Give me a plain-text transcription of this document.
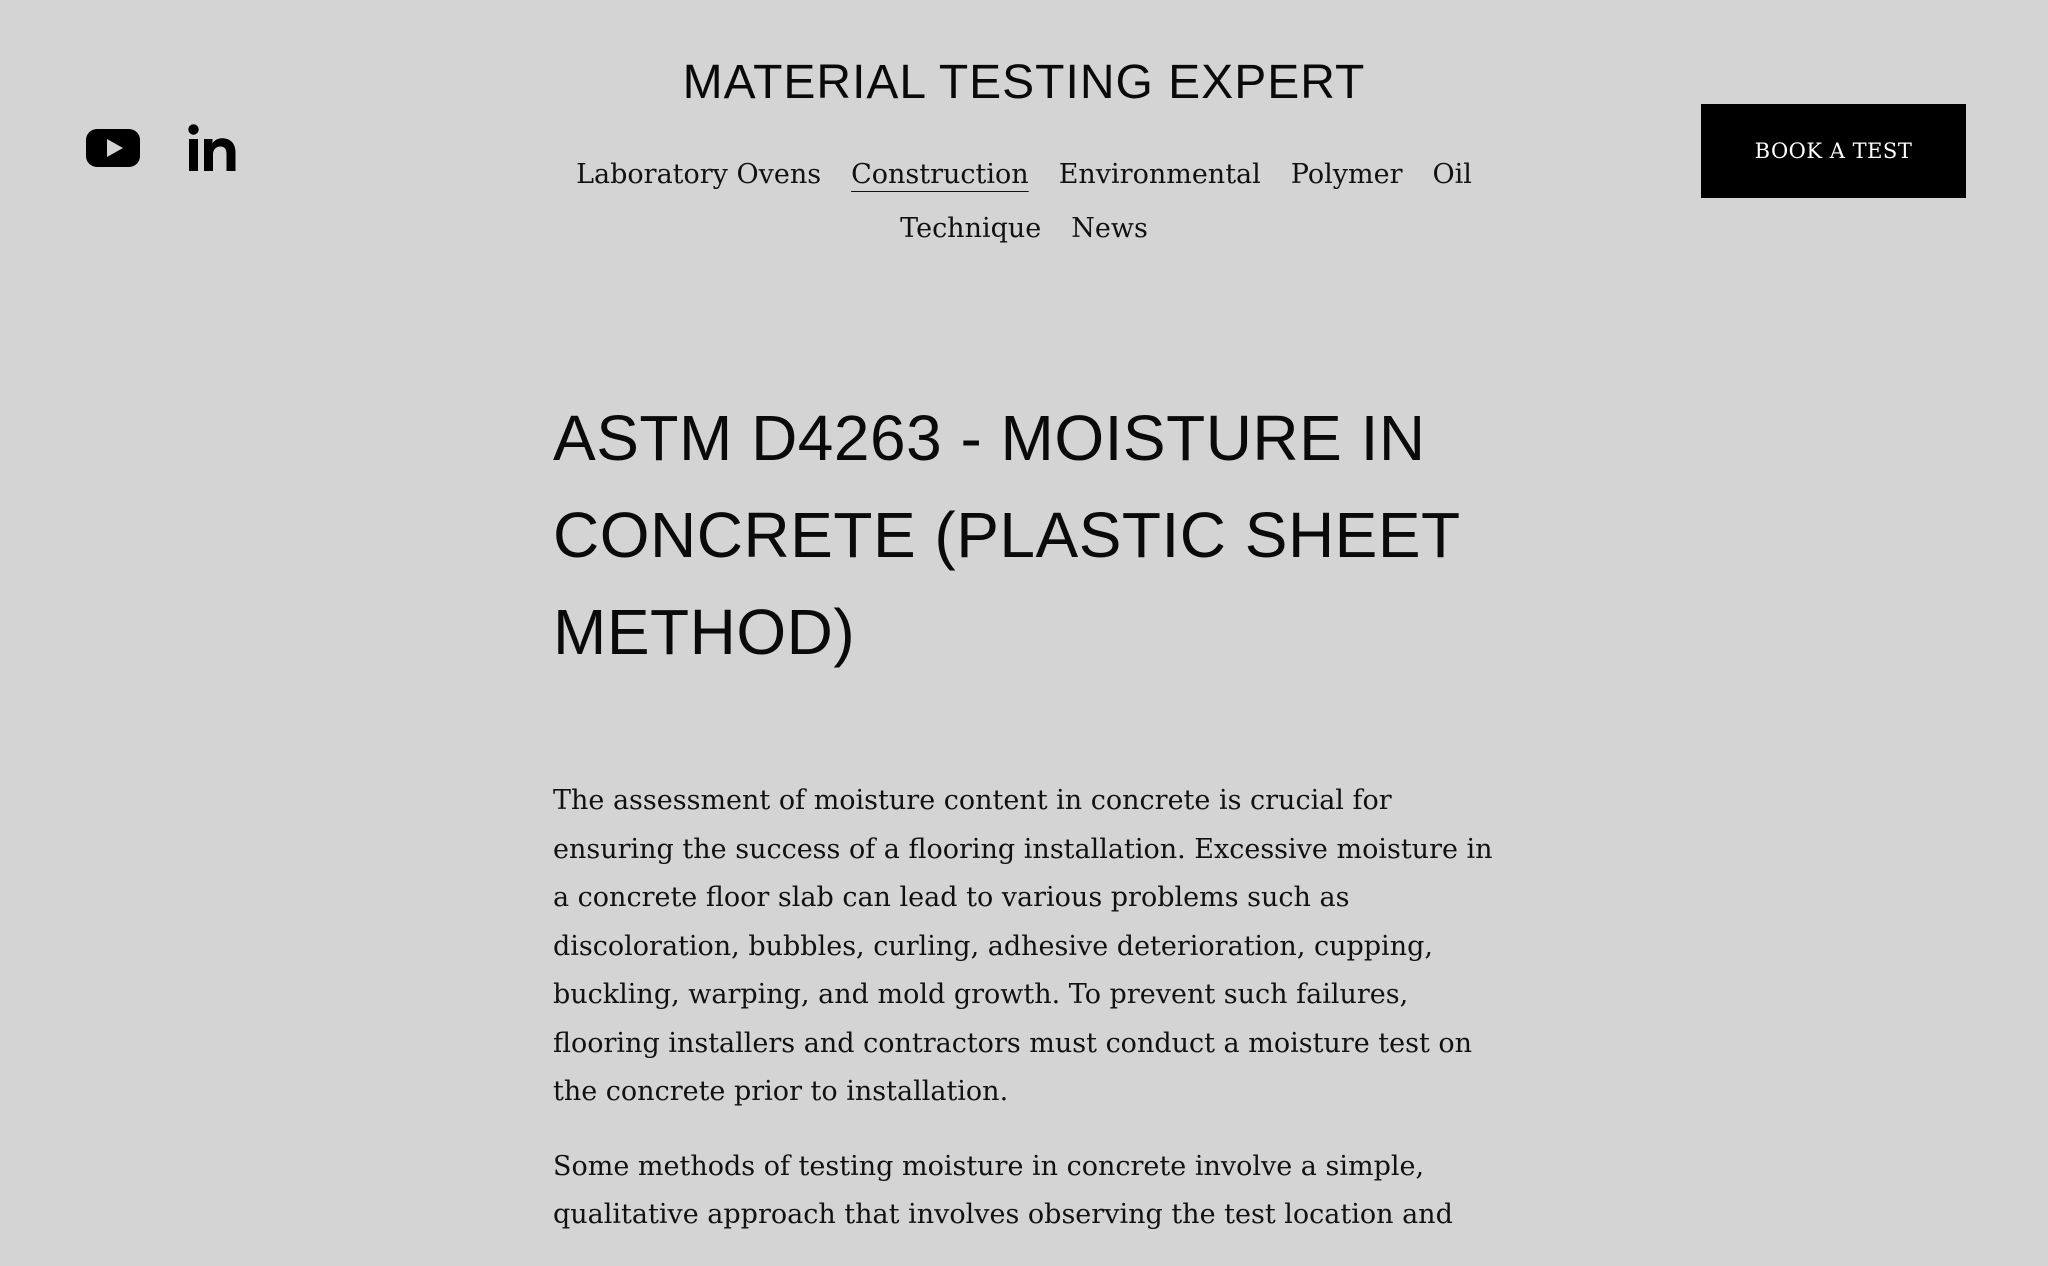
MATERIAL TESTING EXPERT
Laboratory Ovens Construction Environmental Polymer Oil
Technique News
BOOK A TEST
ASTM D4263 - MOISTURE IN CONCRETE (PLASTIC SHEET METHOD)

The assessment of moisture content in concrete is crucial for ensuring the success of a flooring installation. Excessive moisture in a concrete floor slab can lead to various problems such as discoloration, bubbles, curling, adhesive deterioration, cupping, buckling, warping, and mold growth. To prevent such failures, flooring installers and contractors must conduct a moisture test on the concrete prior to installation.

Some methods of testing moisture in concrete involve a simple, qualitative approach that involves observing the test location and
